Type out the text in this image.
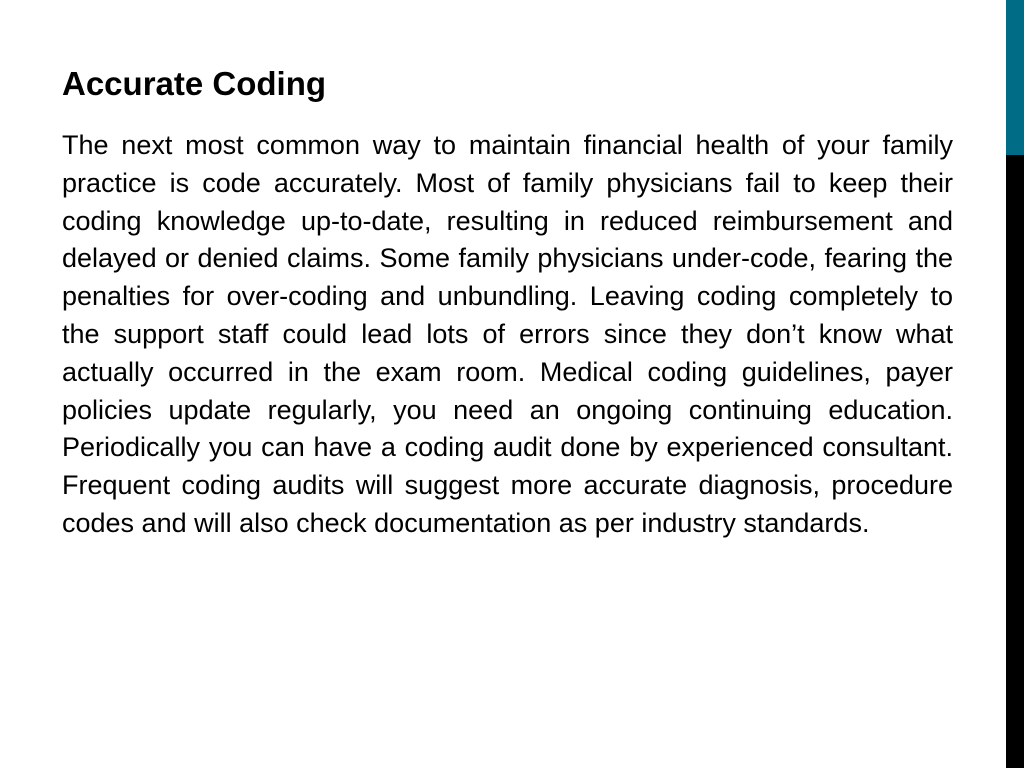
Accurate Coding

The next most common way to maintain financial health of your family practice is code accurately. Most of family physicians fail to keep their coding knowledge up-to-date, resulting in reduced reimbursement and delayed or denied claims. Some family physicians under-code, fearing the penalties for over-coding and unbundling. Leaving coding completely to the support staff could lead lots of errors since they don’t know what actually occurred in the exam room. Medical coding guidelines, payer policies update regularly, you need an ongoing continuing education. Periodically you can have a coding audit done by experienced consultant. Frequent coding audits will suggest more accurate diagnosis, procedure codes and will also check documentation as per industry standards.
